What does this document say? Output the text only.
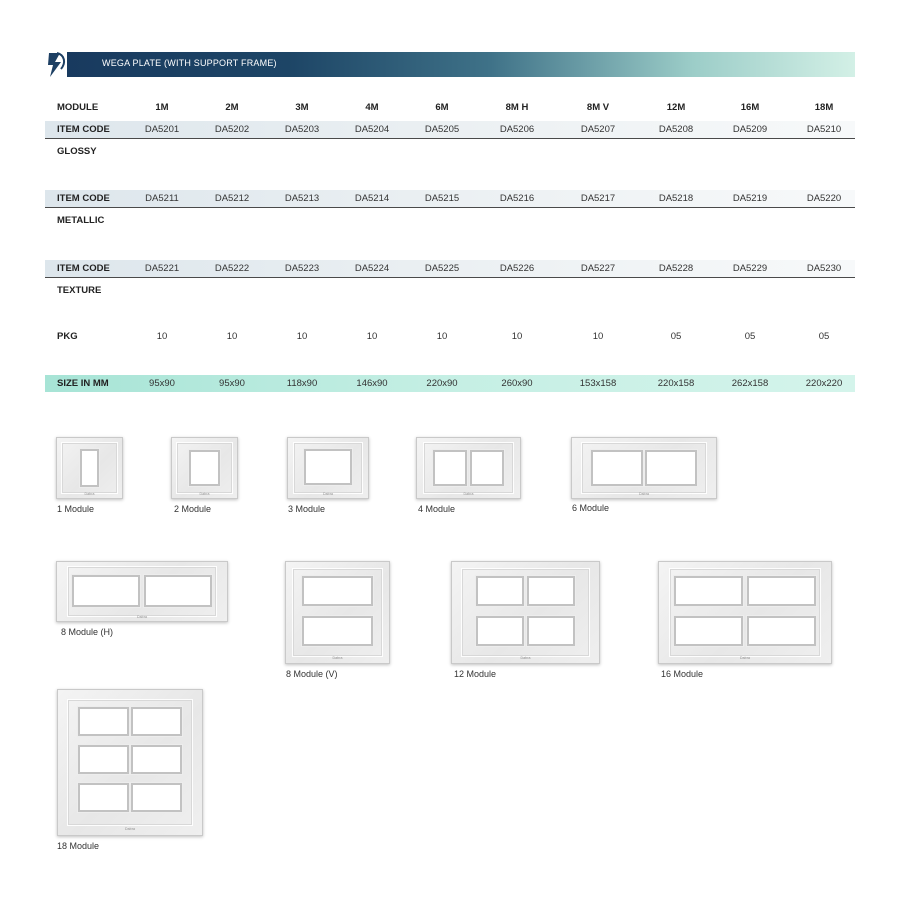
WEGA PLATE (WITH SUPPORT FRAME)
MODULE	1M	2M	3M	4M	6M	8M H	8M V	12M	16M	18M
ITEM CODE	DA5201	DA5202	DA5203	DA5204	DA5205	DA5206	DA5207	DA5208	DA5209	DA5210
GLOSSY
ITEM CODE	DA5211	DA5212	DA5213	DA5214	DA5215	DA5216	DA5217	DA5218	DA5219	DA5220
METALLIC
ITEM CODE	DA5221	DA5222	DA5223	DA5224	DA5225	DA5226	DA5227	DA5228	DA5229	DA5230
TEXTURE
PKG	10	10	10	10	10	10	10	05	05	05
SIZE IN MM	95x90	95x90	118x90	146x90	220x90	260x90	153x158	220x158	262x158	220x220
Dabra
1 Module
Dabra
2 Module
Dabra
3 Module
Dabra
4 Module
Dabra
6 Module
Dabra
8 Module (H)
Dabra
8 Module (V)
Dabra
12 Module
Dabra
16 Module
Dabra
18 Module
